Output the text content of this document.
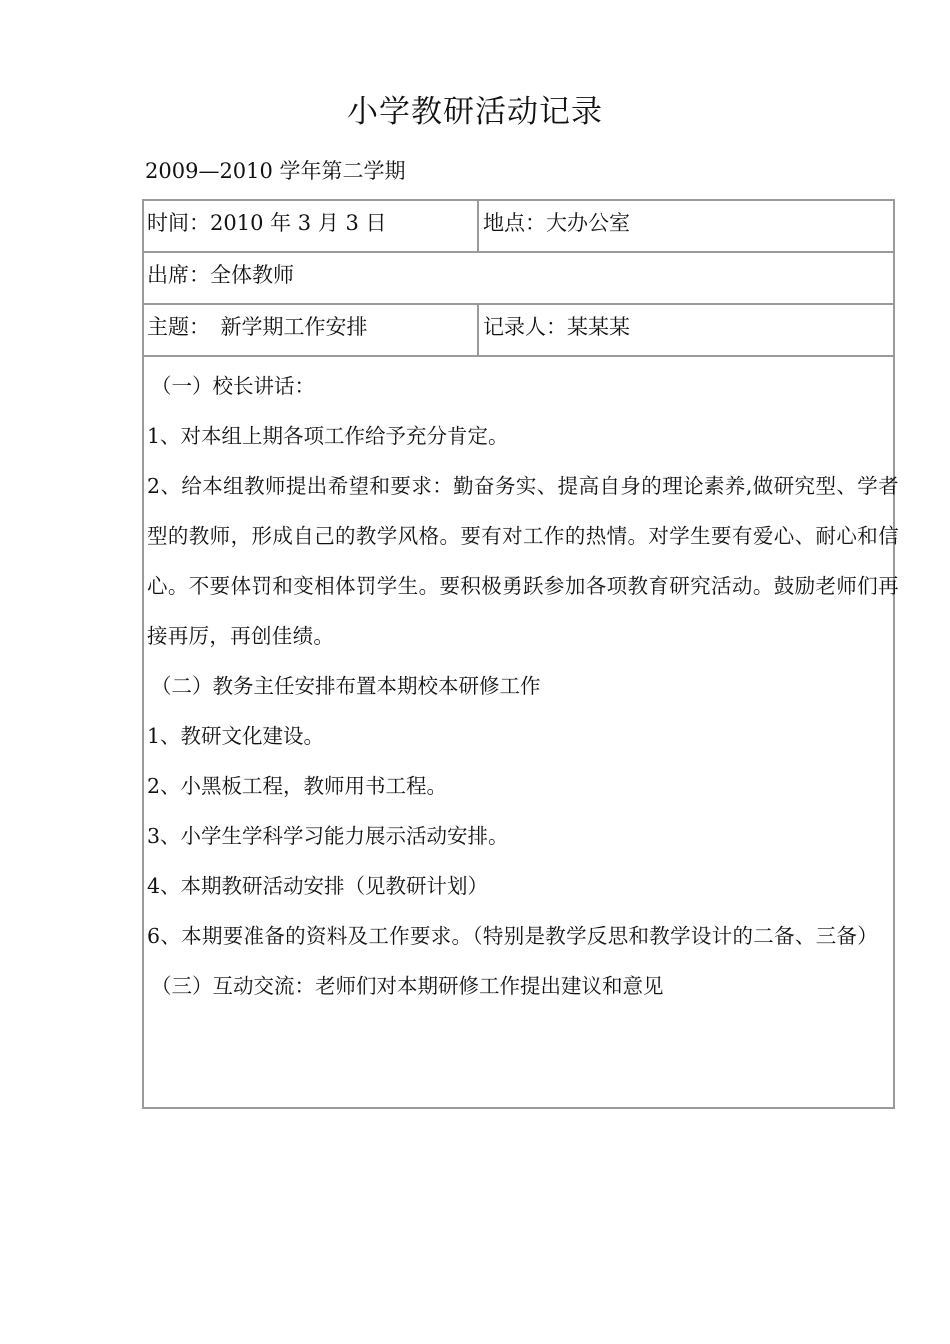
小学教研活动记录
2009—2010 学年第二学期
时间：2010 年 3 月 3 日	地点：大办公室
出席：全体教师
主题：　新学期工作安排	记录人：某某某

（一）校长讲话：

1、对本组上期各项工作给予充分肯定。

2、给本组教师提出希望和要求：勤奋务实、提高自身的理论素养,做研究型、学者型的教师，形成自己的教学风格。要有对工作的热情。对学生要有爱心、耐心和信心。不要体罚和变相体罚学生。要积极勇跃参加各项教育研究活动。鼓励老师们再接再厉，再创佳绩。

（二）教务主任安排布置本期校本研修工作

1、教研文化建设。

2、小黑板工程，教师用书工程。

3、小学生学科学习能力展示活动安排。

4、本期教研活动安排（见教研计划）

6、本期要准备的资料及工作要求。（特别是教学反思和教学设计的二备、三备）

（三）互动交流：老师们对本期研修工作提出建议和意见
